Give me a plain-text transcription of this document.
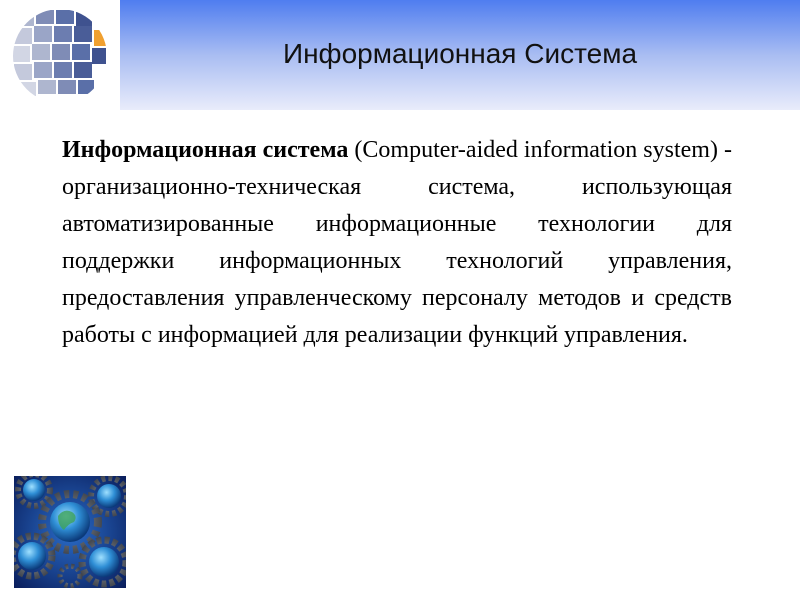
Информационная Система

Информационная система (Computer-aided information system) - организационно-техническая система, использующая автоматизированные информационные технологии для поддержки информационных технологий управления, предоставления управленческому персоналу методов и средств работы с информацией для реализации функций управления.
